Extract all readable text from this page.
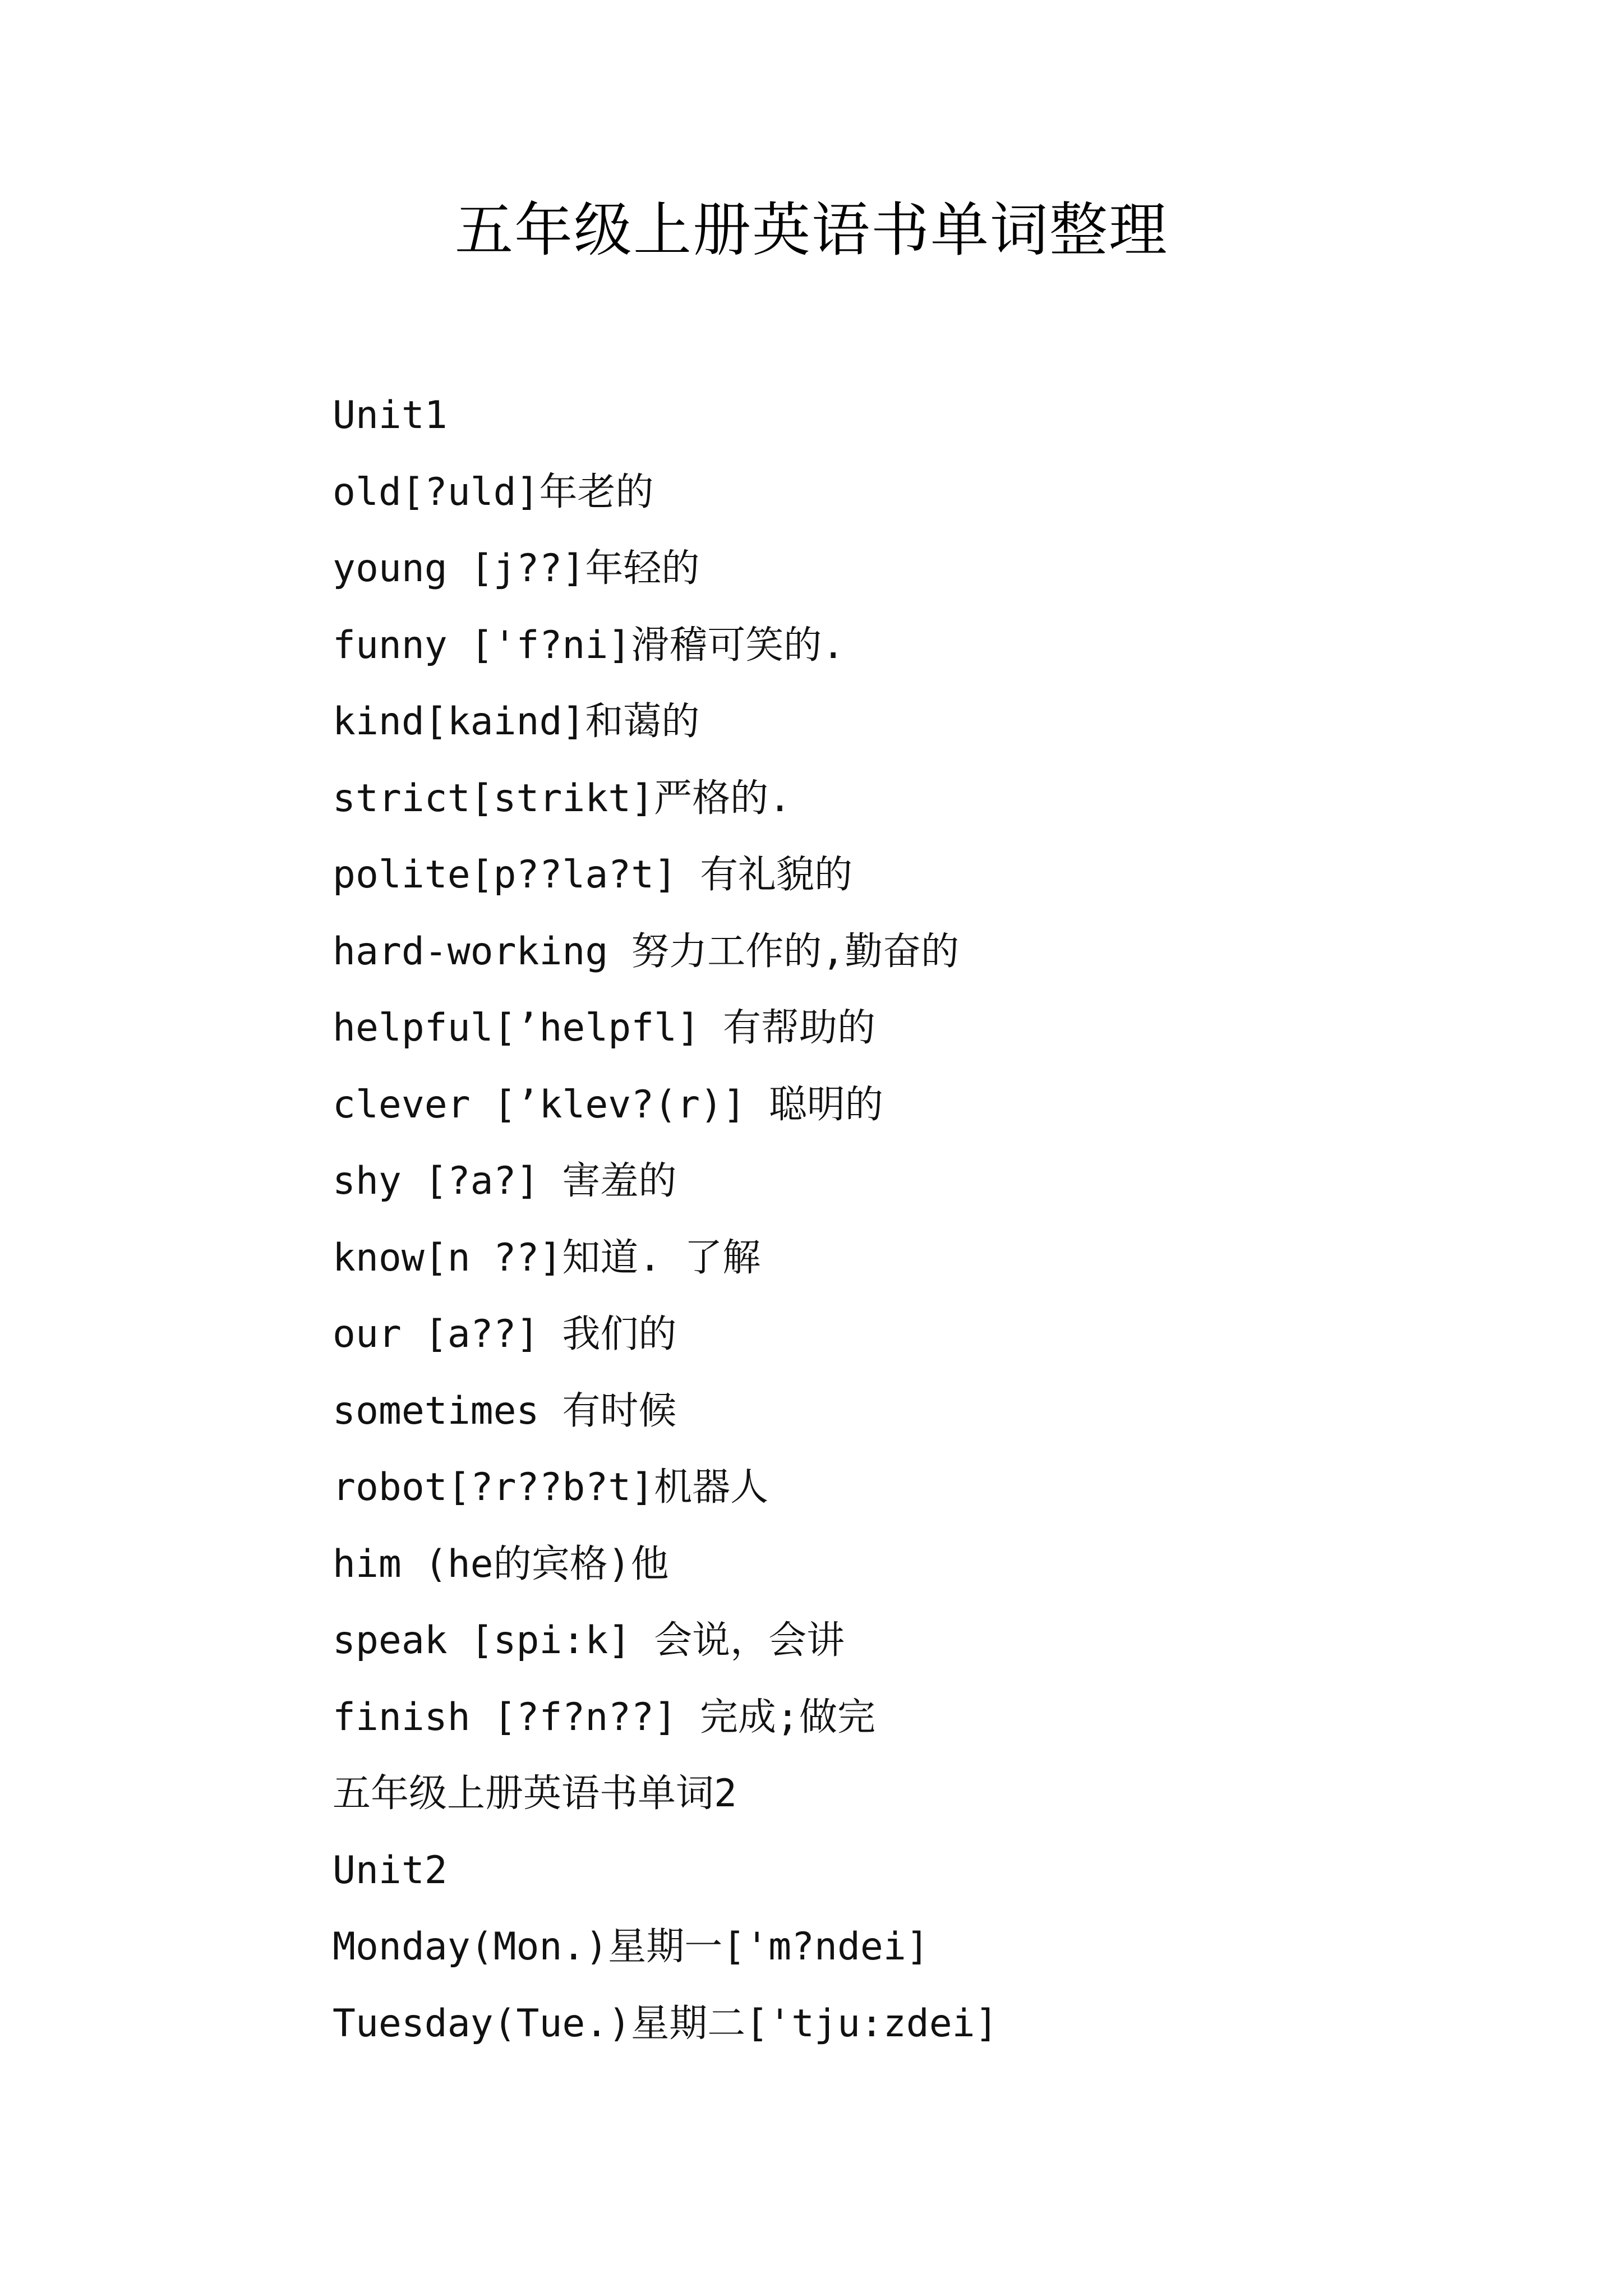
五年级上册英语书单词整理
Unit1
old[?uld]年老的
young [j??]年轻的
funny ['f?ni]滑稽可笑的.
kind[kaind]和蔼的
strict[strikt]严格的.
polite[p??la?t] 有礼貌的
hard-working 努力工作的,勤奋的
helpful[’helpfl] 有帮助的
clever [’klev?(r)] 聪明的
shy [?a?] 害羞的
know[n ??]知道. 了解
our [a??] 我们的
sometimes 有时候
robot[?r??b?t]机器人
him (he的宾格)他
speak [spi:k] 会说，会讲
finish [?f?n??] 完成;做完
五年级上册英语书单词2
Unit2
Monday(Mon.)星期一['m?ndei]
Tuesday(Tue.)星期二['tju:zdei]
